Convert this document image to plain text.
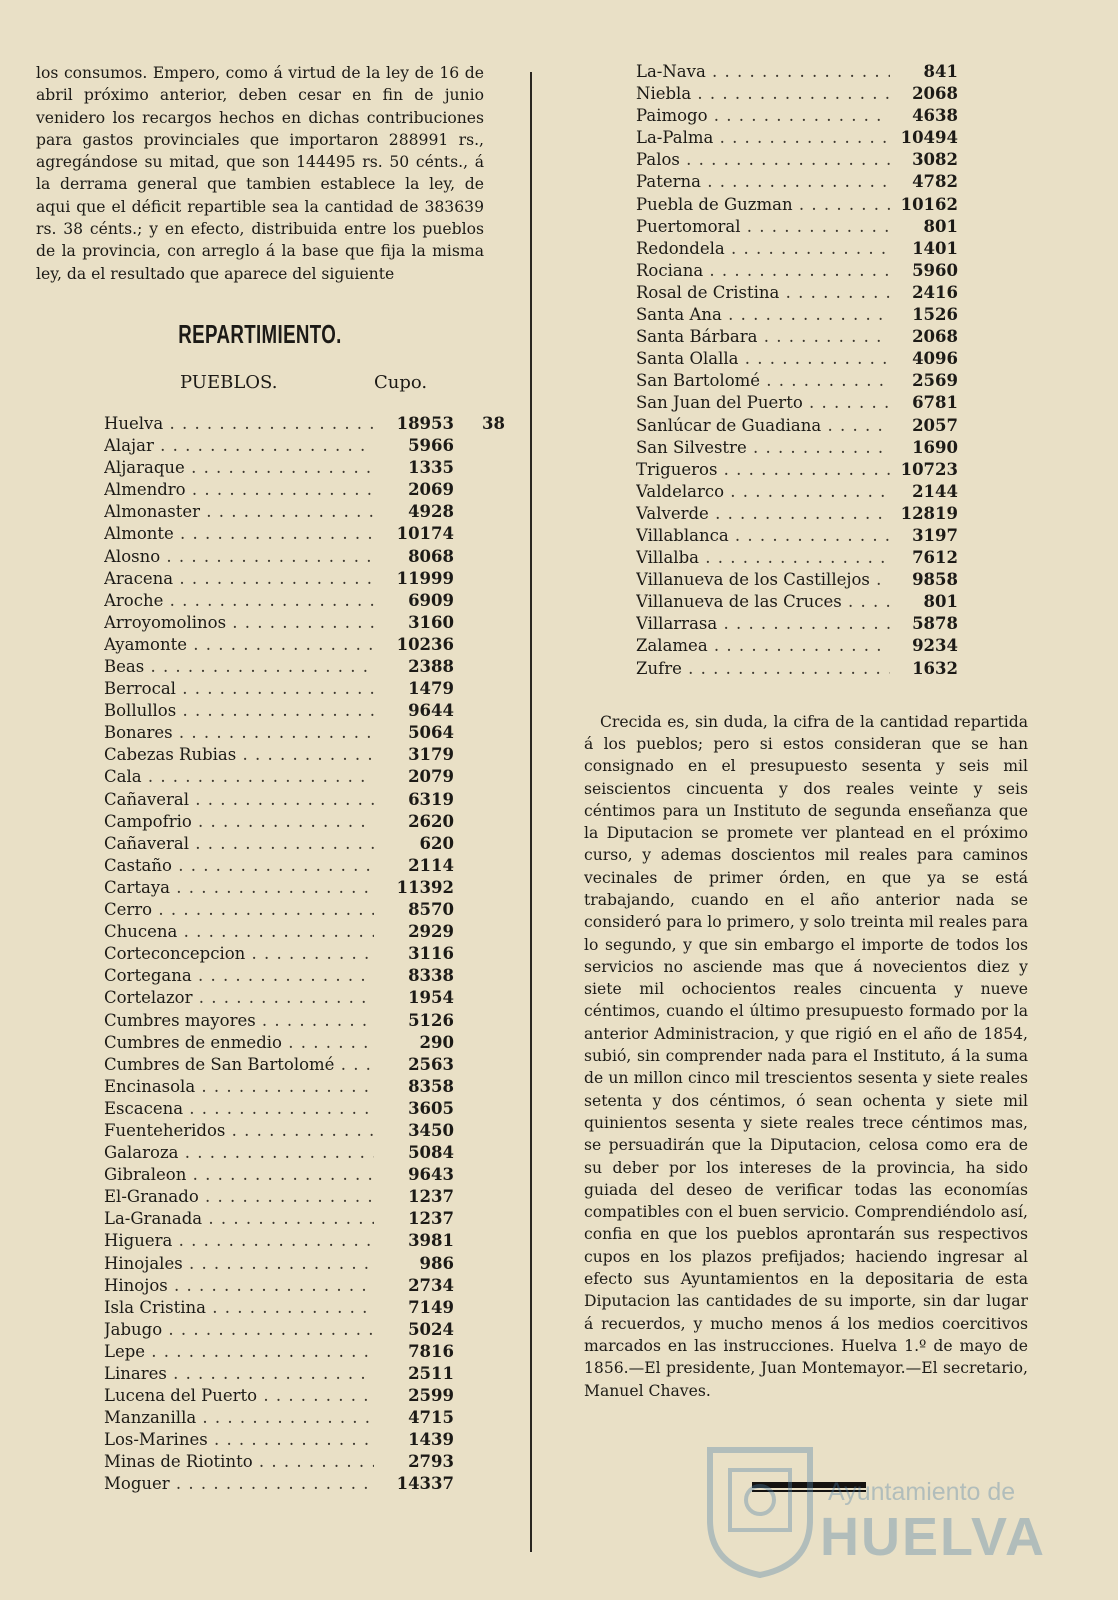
los consumos. Empero, como á virtud de la ley de 16 de abril próximo anterior, deben cesar en fin de junio venidero los recargos hechos en dichas contribuciones para gastos provinciales que importaron 288991 rs., agregándose su mitad, que son 144495 rs. 50 cénts., á la derrama general que tambien establece la ley, de aqui que el déficit repartible sea la cantidad de 383639 rs. 38 cénts.; y en efecto, distribuida entre los pueblos de la provincia, con arreglo á la base que fija la misma ley, da el resultado que aparece del siguiente

REPARTIMIENTO.
PUEBLOS.	Cupo.
Huelva . . .	18953 38
Alajar . . .	5966
Aljaraque . . .	1335
Almendro . . .	2069
Almonaster . . .	4928
Almonte . . .	10174
Alosno . . .	8068
Aracena . . .	11999
Aroche . . .	6909
Arroyomolinos . . .	3160
Ayamonte . . .	10236
Beas . . .	2388
Berrocal . . .	1479
Bollullos . . .	9644
Bonares . . .	5064
Cabezas Rubias . . .	3179
Cala . . .	2079
Cañaveral . . .	6319
Campofrio . . .	2620
Cañaveral . . .	620
Castaño . . .	2114
Cartaya . . .	11392
Cerro . . .	8570
Chucena . . .	2929
Corteconcepcion . . .	3116
Cortegana . . .	8338
Cortelazor . . .	1954
Cumbres mayores . . .	5126
Cumbres de enmedio . . .	290
Cumbres de San Bartolomé . . .	2563
Encinasola . . .	8358
Escacena . . .	3605
Fuenteheridos . . .	3450
Galaroza . . .	5084
Gibraleon . . .	9643
El-Granado . . .	1237
La-Granada . . .	1237
Higuera . . .	3981
Hinojales . . .	986
Hinojos . . .	2734
Isla Cristina . . .	7149
Jabugo . . .	5024
Lepe . . .	7816
Linares . . .	2511
Lucena del Puerto . . .	2599
Manzanilla . . .	4715
Los-Marines . . .	1439
Minas de Riotinto . . .	2793
Moguer . . .	14337
La-Nava . . .	841
Niebla . . .	2068
Paimogo . . .	4638
La-Palma . . .	10494
Palos . . .	3082
Paterna . . .	4782
Puebla de Guzman . . .	10162
Puertomoral . . .	801
Redondela . . .	1401
Rociana . . .	5960
Rosal de Cristina . . .	2416
Santa Ana . . .	1526
Santa Bárbara . . .	2068
Santa Olalla . . .	4096
San Bartolomé . . .	2569
San Juan del Puerto . . .	6781
Sanlúcar de Guadiana . . .	2057
San Silvestre . . .	1690
Trigueros . . .	10723
Valdelarco . . .	2144
Valverde . . .	12819
Villablanca . . .	3197
Villalba . . .	7612
Villanueva de los Castillejos . . .	9858
Villanueva de las Cruces . . .	801
Villarrasa . . .	5878
Zalamea . . .	9234
Zufre . . .	1632

Crecida es, sin duda, la cifra de la cantidad repartida á los pueblos; pero si estos consideran que se han consignado en el presupuesto sesenta y seis mil seiscientos cincuenta y dos reales veinte y seis céntimos para un Instituto de segunda enseñanza que la Diputacion se promete ver plantead en el próximo curso, y ademas doscientos mil reales para caminos vecinales de primer órden, en que ya se está trabajando, cuando en el año anterior nada se consideró para lo primero, y solo treinta mil reales para lo segundo, y que sin embargo el importe de todos los servicios no asciende mas que á novecientos diez y siete mil ochocientos reales cincuenta y nueve céntimos, cuando el último presupuesto formado por la anterior Administracion, y que rigió en el año de 1854, subió, sin comprender nada para el Instituto, á la suma de un millon cinco mil trescientos sesenta y siete reales setenta y dos céntimos, ó sean ochenta y siete mil quinientos sesenta y siete reales trece céntimos mas, se persuadirán que la Diputacion, celosa como era de su deber por los intereses de la provincia, ha sido guiada del deseo de verificar todas las economías compatibles con el buen servicio. Comprendiéndolo así, confia en que los pueblos aprontarán sus respectivos cupos en los plazos prefijados; haciendo ingresar al efecto sus Ayuntamientos en la depositaria de esta Diputacion las cantidades de su importe, sin dar lugar á recuerdos, y mucho menos á los medios coercitivos marcados en las instrucciones. Huelva 1.º de mayo de 1856.—El presidente, Juan Montemayor.—El secretario, Manuel Chaves.

Ayuntamiento de
HUELVA
